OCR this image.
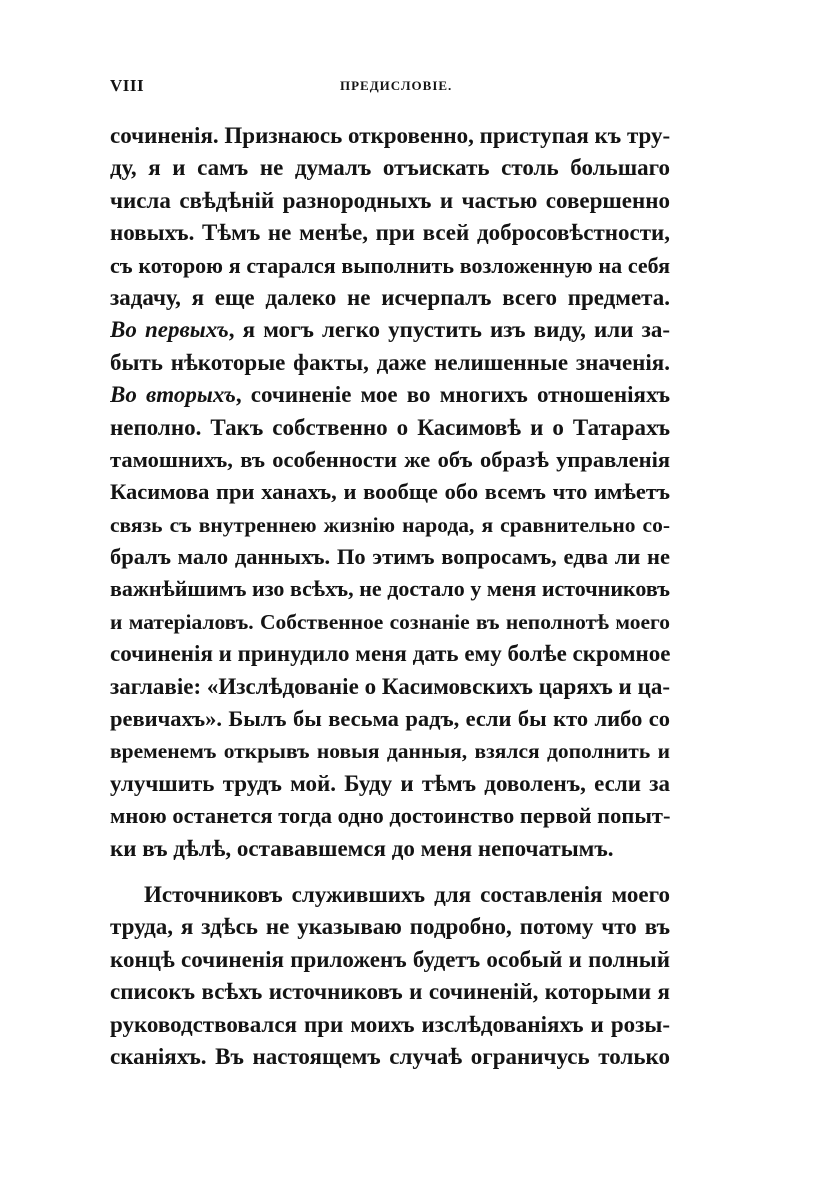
VIII	ПРЕДИСЛОВІЕ.
сочиненія. Признаюсь откровенно, приступая къ тру-
ду, я и самъ не думалъ отъискать столь большаго
числа свѣдѣній разнородныхъ и частью совершенно
новыхъ. Тѣмъ не менѣе, при всей добросовѣстности,
съ которою я старался выполнить возложенную на себя
задачу, я еще далеко не исчерпалъ всего предмета.
Во первыхъ, я могъ легко упустить изъ виду, или за-
быть нѣкоторые факты, даже нелишенные значенія.
Во вторыхъ, сочиненіе мое во многихъ отношеніяхъ
неполно. Такъ собственно о Касимовѣ и о Татарахъ
тамошнихъ, въ особенности же объ образѣ управленія
Касимова при ханахъ, и вообще обо всемъ что имѣетъ
связь съ внутреннею жизнію народа, я сравнительно со-
бралъ мало данныхъ. По этимъ вопросамъ, едва ли не
важнѣйшимъ изо всѣхъ, не достало у меня источниковъ
и матеріаловъ. Собственное сознаніе въ неполнотѣ моего
сочиненія и принудило меня дать ему болѣе скромное
заглавіе: «Изслѣдованіе о Касимовскихъ царяхъ и ца-
ревичахъ». Былъ бы весьма радъ, если бы кто либо со
временемъ открывъ новыя данныя, взялся дополнить и
улучшить трудъ мой. Буду и тѣмъ доволенъ, если за
мною останется тогда одно достоинство первой попыт-
ки въ дѣлѣ, остававшемся до меня непочатымъ.
Источниковъ служившихъ для составленія моего
труда, я здѣсь не указываю подробно, потому что въ
концѣ сочиненія приложенъ будетъ особый и полный
списокъ всѣхъ источниковъ и сочиненій, которыми я
руководствовался при моихъ изслѣдованіяхъ и розы-
сканіяхъ. Въ настоящемъ случаѣ ограничусь только
